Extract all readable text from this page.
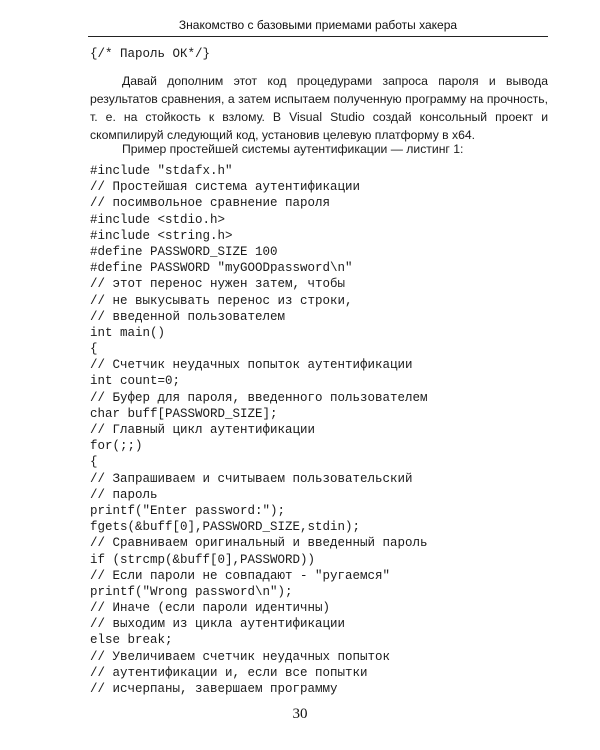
Знакомство с базовыми приемами работы хакера
{/* Пароль ОК*/}

Давай дополним этот код процедурами запроса пароля и вывода результатов сравнения, а затем испытаем полученную программу на прочность, т. е. на стойкость к взлому. В Visual Studio создай консольный проект и скомпилируй следующий код, установив целевую платформу в x64.

Пример простейшей системы аутентификации — листинг 1:

#include "stdafx.h"
// Простейшая система аутентификации
// посимвольное сравнение пароля
#include <stdio.h>
#include <string.h>
#define PASSWORD_SIZE 100
#define PASSWORD "myGOODpassword\n"
// этот перенос нужен затем, чтобы
// не выкусывать перенос из строки,
// введенной пользователем
int main()
{
// Счетчик неудачных попыток аутентификации
int count=0;
// Буфер для пароля, введенного пользователем
char buff[PASSWORD_SIZE];
// Главный цикл аутентификации
for(;;)
{
// Запрашиваем и считываем пользовательский
// пароль
printf("Enter password:");
fgets(&buff[0],PASSWORD_SIZE,stdin);
// Сравниваем оригинальный и введенный пароль
if (strcmp(&buff[0],PASSWORD))
// Если пароли не совпадают - "ругаемся"
printf("Wrong password\n");
// Иначе (если пароли идентичны)
// выходим из цикла аутентификации
else break;
// Увеличиваем счетчик неудачных попыток
// аутентификации и, если все попытки
// исчерпаны, завершаем программу
30
